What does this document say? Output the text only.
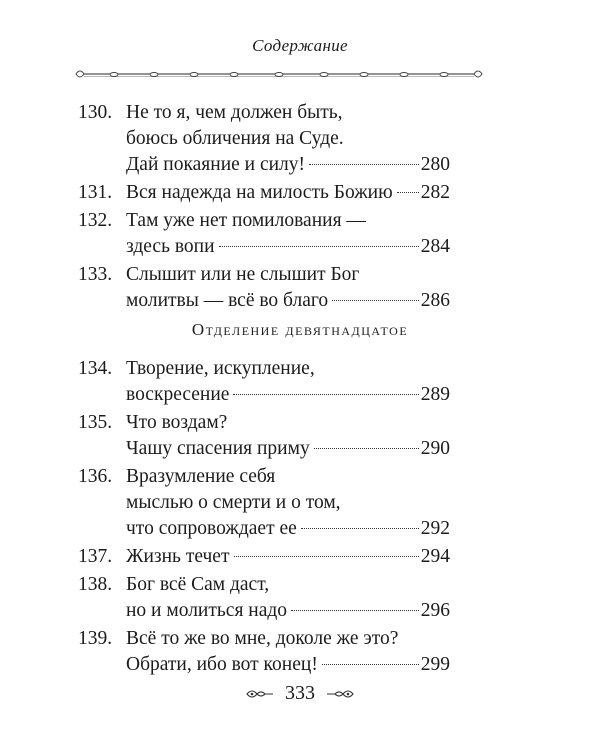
Содержание
130. Не то я, чем должен быть,
боюсь обличения на Суде.
Дай покаяние и силу!	280
131. Вся надежда на милость Божию 282
132. Там уже нет помилования —
здесь вопи	284
133. Слышит или не слышит Бог
молитвы — всё во благо	286
Отделение девятнадцатое
134. Творение, искупление,
воскресение	289
135. Что воздам?
Чашу спасения приму	290
136. Вразумление себя
мыслью о смерти и о том,
что сопровождает ее	292
137. Жизнь течет	294
138. Бог всё Сам даст,
но и молиться надо	296
139. Всё то же во мне, доколе же это?
Обрати, ибо вот конец!	299
333
